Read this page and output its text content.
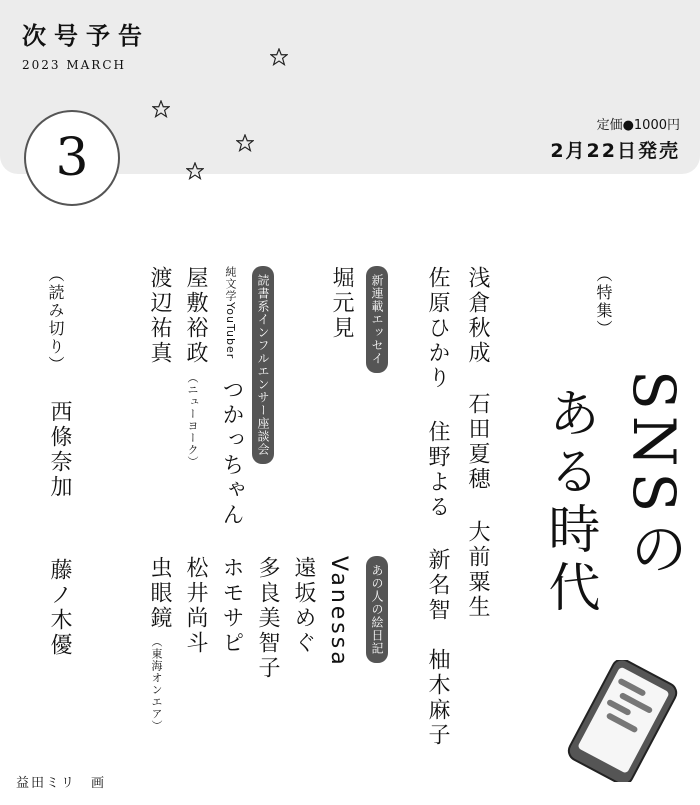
次号予告
2023 MARCH
3
定価●1000円
2月22日発売
（特集）
SNSの
ある時代
浅倉秋成
石田夏穂
大前粟生
佐原ひかり
住野よる
新名智
柚木麻子
新連載エッセイ
堀元見
あの人の絵日記
Vanessa
遠坂めぐ
多良美智子
ホモサピ
松井尚斗
虫眼鏡
（東海オンエア）
読書系インフルエンサー座談会
純文学YouTuber
つかっちゃん
屋敷裕政
（ニューヨーク）
渡辺祐真
（読み切り）
西條奈加
藤ノ木優
益田ミリ　画
